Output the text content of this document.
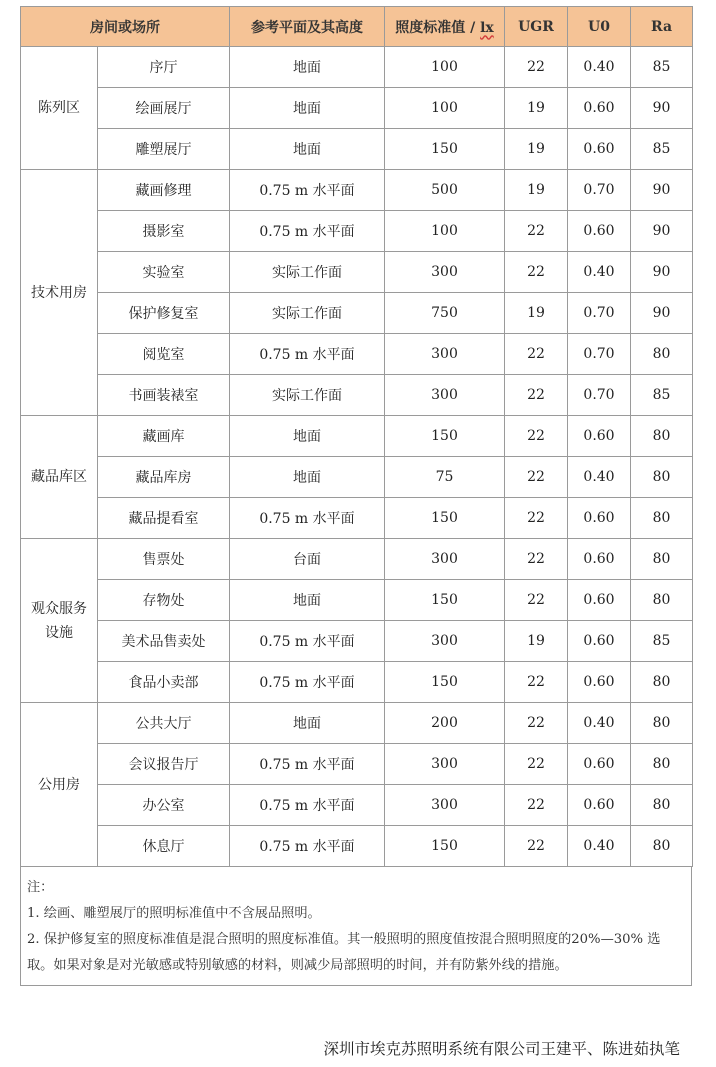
房间或场所		参考平面及其高度	照度标准值 / lx	UGR	U0	Ra
陈列区	序厅	地面	100	22	0.40	85
	绘画展厅	地面	100	19	0.60	90
	雕塑展厅	地面	150	19	0.60	85
技术用房	藏画修理	0.75 m 水平面	500	19	0.70	90
	摄影室	0.75 m 水平面	100	22	0.60	90
	实验室	实际工作面	300	22	0.40	90
	保护修复室	实际工作面	750	19	0.70	90
	阅览室	0.75 m 水平面	300	22	0.70	80
	书画装裱室	实际工作面	300	22	0.70	85
藏品库区	藏画库	地面	150	22	0.60	80
	藏品库房	地面	75	22	0.40	80
	藏品提看室	0.75 m 水平面	150	22	0.60	80

观众服务
设施	售票处	台面	300	22	0.60	80
	存物处	地面	150	22	0.60	80
	美术品售卖处	0.75 m 水平面	300	19	0.60	85
	食品小卖部	0.75 m 水平面	150	22	0.60	80
公用房	公共大厅	地面	200	22	0.40	80
	会议报告厅	0.75 m 水平面	300	22	0.60	80
	办公室	0.75 m 水平面	300	22	0.60	80
	休息厅	0.75 m 水平面	150	22	0.40	80

注：

1. 绘画、雕塑展厅的照明标准值中不含展品照明。

2. 保护修复室的照度标准值是混合照明的照度标准值。其一般照明的照度值按混合照明照度的20%—30% 选取。如果对象是对光敏感或特别敏感的材料，则减少局部照明的时间，并有防紫外线的措施。

深圳市埃克苏照明系统有限公司王建平、陈进茹执笔
